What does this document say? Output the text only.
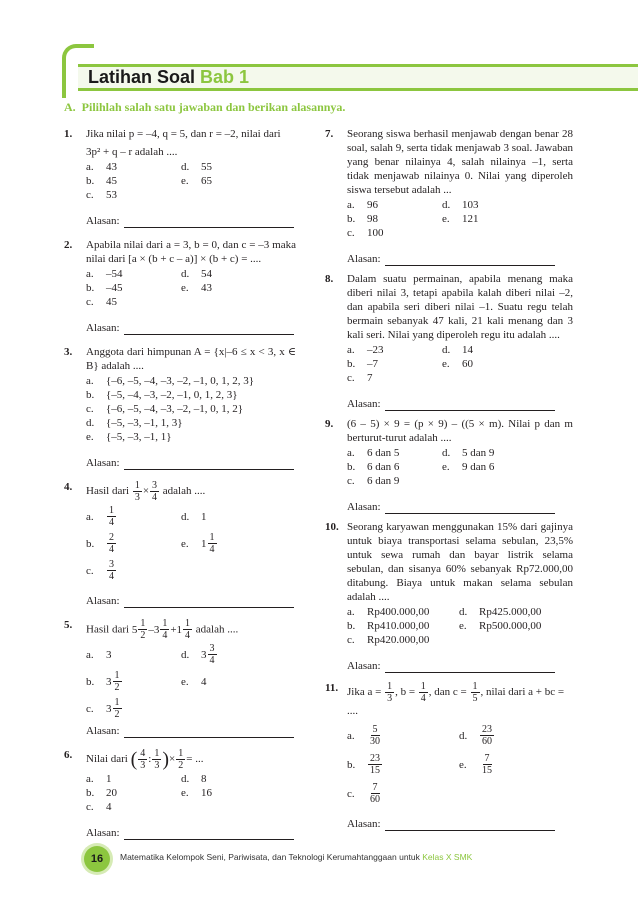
Latihan Soal Bab 1
A. Pilihlah salah satu jawaban dan berikan alasannya.
1. Jika nilai p = –4, q = 5, dan r = –2, nilai dari
3p² + q – r adalah ....
a.	43	d.	55
b.	45	e.	65
c.	53
Alasan:
2. Apabila nilai dari a = 3, b = 0, dan c = –3 maka nilai dari [a × (b + c – a)] × (b + c) = ....
a.	–54	d.	54
b.	–45	e.	43
c.	45
Alasan:
3. Anggota dari himpunan A = {x|–6 ≤ x < 3, x ∈ B} adalah ....
a.	{–6, –5, –4, –3, –2, –1, 0, 1, 2, 3}
b.	{–5, –4, –3, –2, –1, 0, 1, 2, 3}
c.	{–6, –5, –4, –3, –2, –1, 0, 1, 2}
d.	{–5, –3, –1, 1, 3}
e.	{–5, –3, –1, 1}
Alasan:
4. Hasil dari $\frac{1}{3} \times \frac{3}{4}$ adalah ....
a.	$\frac{1}{4}$	d.	1
b.	$\frac{2}{4}$	e.	$1 \frac{1}{4}$
c.	$\frac{3}{4}$
Alasan:
5. Hasil dari $5 \frac{1}{2} -3 \frac{1}{4} +1 \frac{1}{4}$ adalah ....
a.	3	d.	$3 \frac{3}{4}$
b.	$3 \frac{1}{2}$	e.	4
c.	$3 \frac{1}{2}$
Alasan:
6. Nilai dari ( $\frac{4}{3}$ : $\frac{1}{3}$ )× $\frac{1}{2}$ = ...
a.	1	d.	8
b.	20	e.	16
c.	4
Alasan:
7. Seorang siswa berhasil menjawab dengan benar 28 soal, salah 9, serta tidak menjawab 3 soal. Jawaban yang benar nilainya 4, salah nilainya –1, serta tidak menjawab nilainya 0. Nilai yang diperoleh siswa tersebut adalah ...
a.	96	d.	103
b.	98	e.	121
c.	100
Alasan:
8. Dalam suatu permainan, apabila menang maka diberi nilai 3, tetapi apabila kalah diberi nilai –2, dan apabila seri diberi nilai –1. Suatu regu telah bermain sebanyak 47 kali, 21 kali menang dan 3 kali seri. Nilai yang diperoleh regu itu adalah ....
a.	–23	d.	14
b.	–7	e.	60
c.	7
Alasan:
9. (6 – 5) × 9 = (p × 9) – ((5 × m). Nilai p dan m berturut-turut adalah ....
a.	6 dan 5	d.	5 dan 9
b.	6 dan 6	e.	9 dan 6
c.	6 dan 9
Alasan:
10. Seorang karyawan menggunakan 15% dari gajinya untuk biaya transportasi selama sebulan, 23,5% untuk sewa rumah dan bayar listrik selama sebulan, dan sisanya 60% sebanyak Rp72.000,00 ditabung. Biaya untuk makan selama sebulan adalah ....
a.	Rp400.000,00	d.	Rp425.000,00
b.	Rp410.000,00	e.	Rp500.000,00
c.	Rp420.000,00
Alasan:
11. Jika $a = \frac{1}{3}$ , $b = \frac{1}{4}$ , dan $c = \frac{1}{5}$ , nilai dari a + bc = ....
a.	$\frac{5}{30}$	d.	$\frac{23}{60}$
b.	$\frac{23}{15}$	e.	$\frac{7}{15}$
c.	$\frac{7}{60}$
Alasan:
16	Matematika Kelompok Seni, Pariwisata, dan Teknologi Kerumahtanggaan untuk Kelas X SMK
